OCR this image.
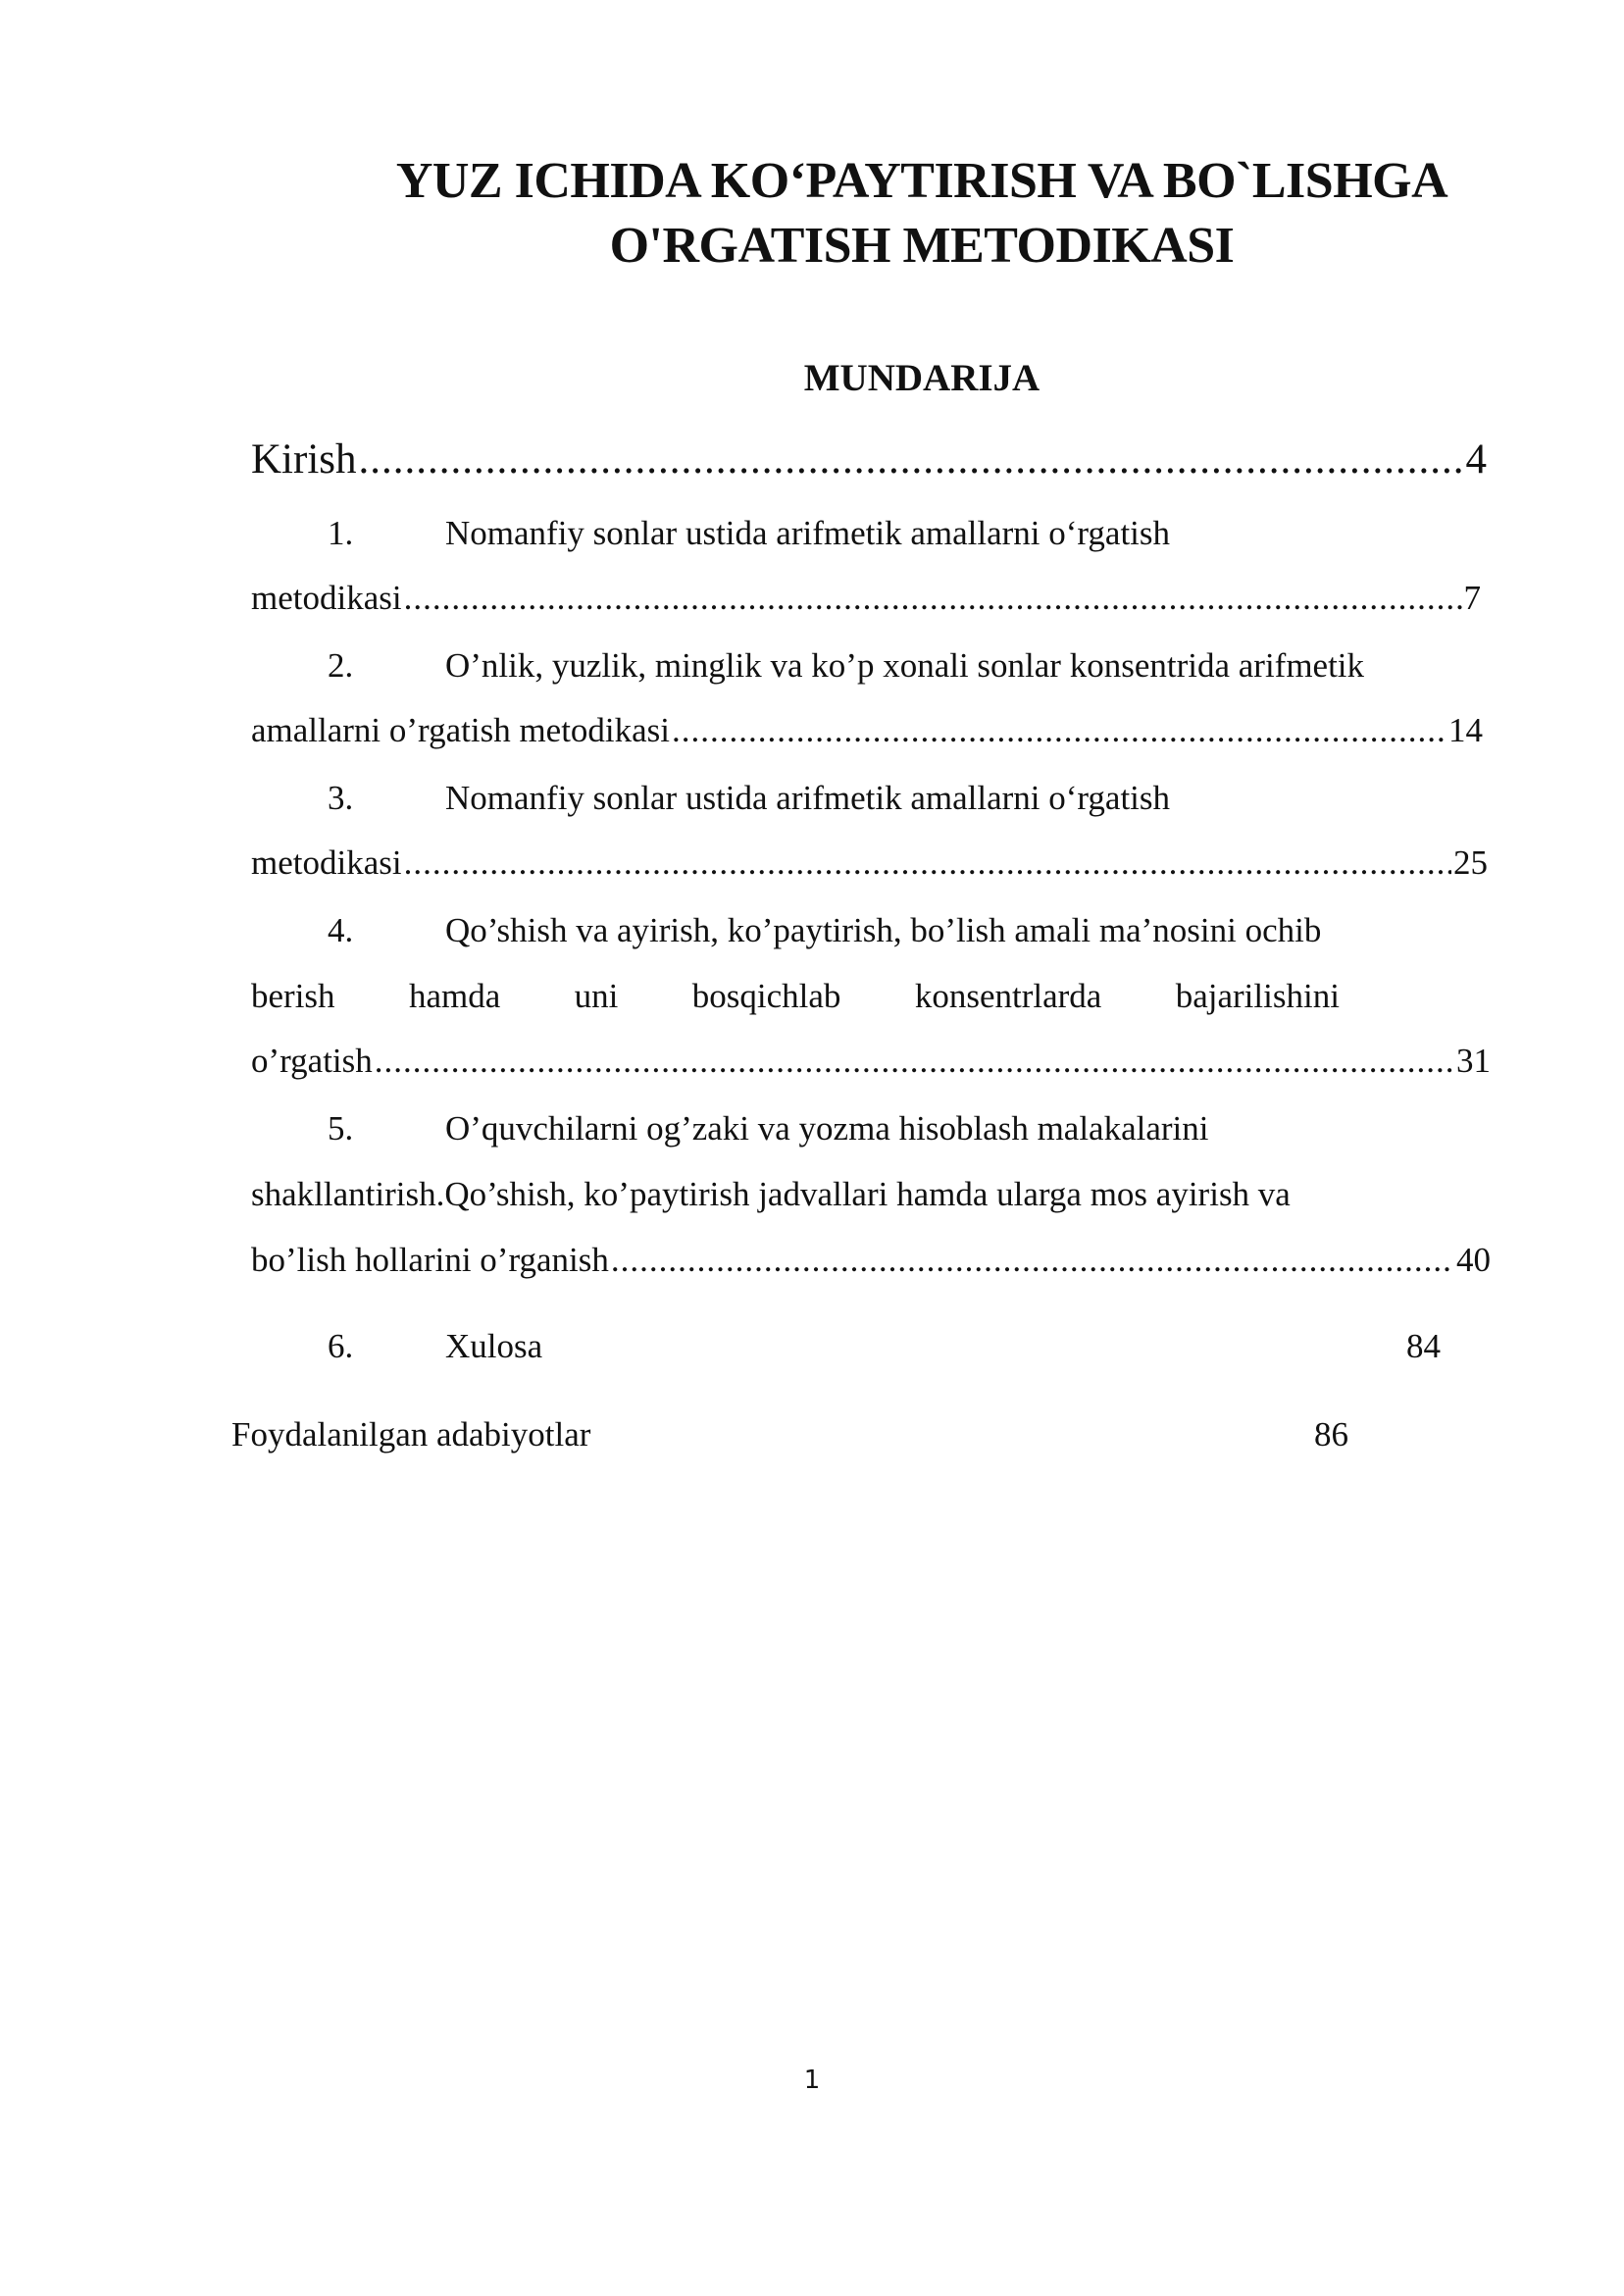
YUZ ICHIDA KO‘PAYTIRISH VA BO`LISHGA
O'RGATISH METODIKASI
MUNDARIJA
Kirish .....	4
1.	Nomanfiy sonlar ustida arifmetik amallarni o‘rgatish
metodikasi .....	7
2.	O’nlik, yuzlik, minglik va ko’p xonali sonlar konsentrida arifmetik
amallarni o’rgatish metodikasi .....	14
3.	Nomanfiy sonlar ustida arifmetik amallarni o‘rgatish
metodikasi .....	25
4.	Qo’shish va ayirish, ko’paytirish, bo’lish amali ma’nosini ochib
berish hamda uni bosqichlab konsentrlarda bajarilishini
o’rgatish .....	31
5.	O’quvchilarni og’zaki va yozma hisoblash malakalarini
shakllantirish.Qo’shish, ko’paytirish jadvallari hamda ularga mos ayirish va
bo’lish hollarini o’rganish .....	40
6.	Xulosa	84
Foydalanilgan adabiyotlar	86
1
